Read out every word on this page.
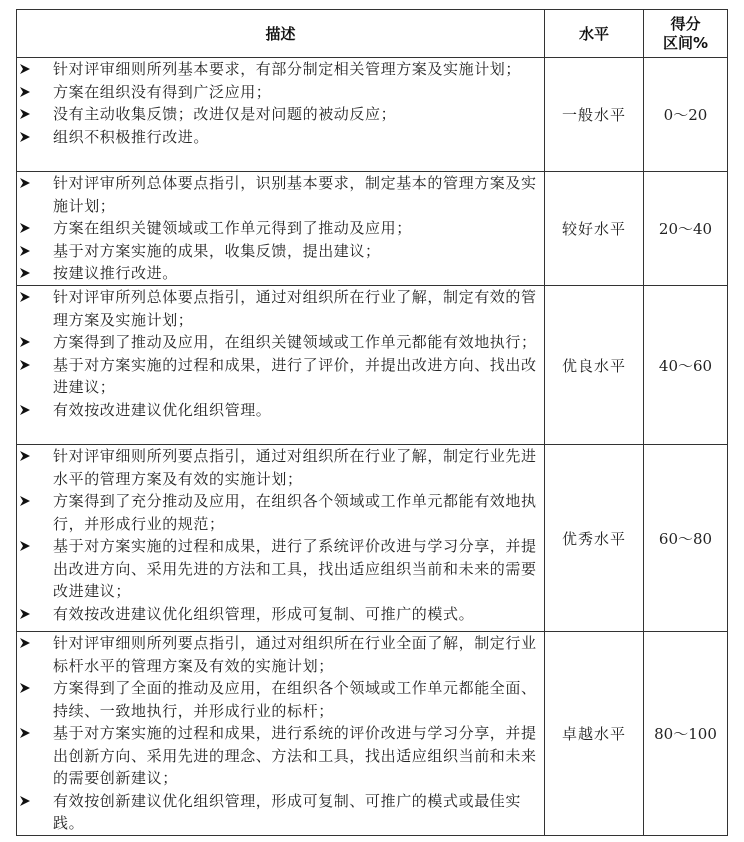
描述	水平	得分
区间%

针对评审细则所列基本要求，有部分制定相关管理方案及实施计划；
方案在组织没有得到广泛应用；
没有主动收集反馈；改进仅是对问题的被动反应；
组织不积极推行改进。
	一般水平	0～20

针对评审所列总体要点指引，识别基本要求，制定基本的管理方案及实施计划；
方案在组织关键领域或工作单元得到了推动及应用；
基于对方案实施的成果，收集反馈，提出建议；
按建议推行改进。
	较好水平	20～40

针对评审所列总体要点指引，通过对组织所在行业了解，制定有效的管理方案及实施计划；
方案得到了推动及应用，在组织关键领域或工作单元都能有效地执行；
基于对方案实施的过程和成果，进行了评价，并提出改进方向、找出改进建议；
有效按改进建议优化组织管理。
	优良水平	40～60

针对评审细则所列要点指引，通过对组织所在行业了解，制定行业先进水平的管理方案及有效的实施计划；
方案得到了充分推动及应用，在组织各个领域或工作单元都能有效地执行，并形成行业的规范；
基于对方案实施的过程和成果，进行了系统评价改进与学习分享，并提出改进方向、采用先进的方法和工具，找出适应组织当前和未来的需要改进建议；
有效按改进建议优化组织管理，形成可复制、可推广的模式。
	优秀水平	60～80

针对评审细则所列要点指引，通过对组织所在行业全面了解，制定行业标杆水平的管理方案及有效的实施计划；
方案得到了全面的推动及应用，在组织各个领域或工作单元都能全面、持续、一致地执行，并形成行业的标杆；
基于对方案实施的过程和成果，进行系统的评价改进与学习分享，并提出创新方向、采用先进的理念、方法和工具，找出适应组织当前和未来的需要创新建议；
有效按创新建议优化组织管理，形成可复制、可推广的模式或最佳实践。
	卓越水平	80～100
